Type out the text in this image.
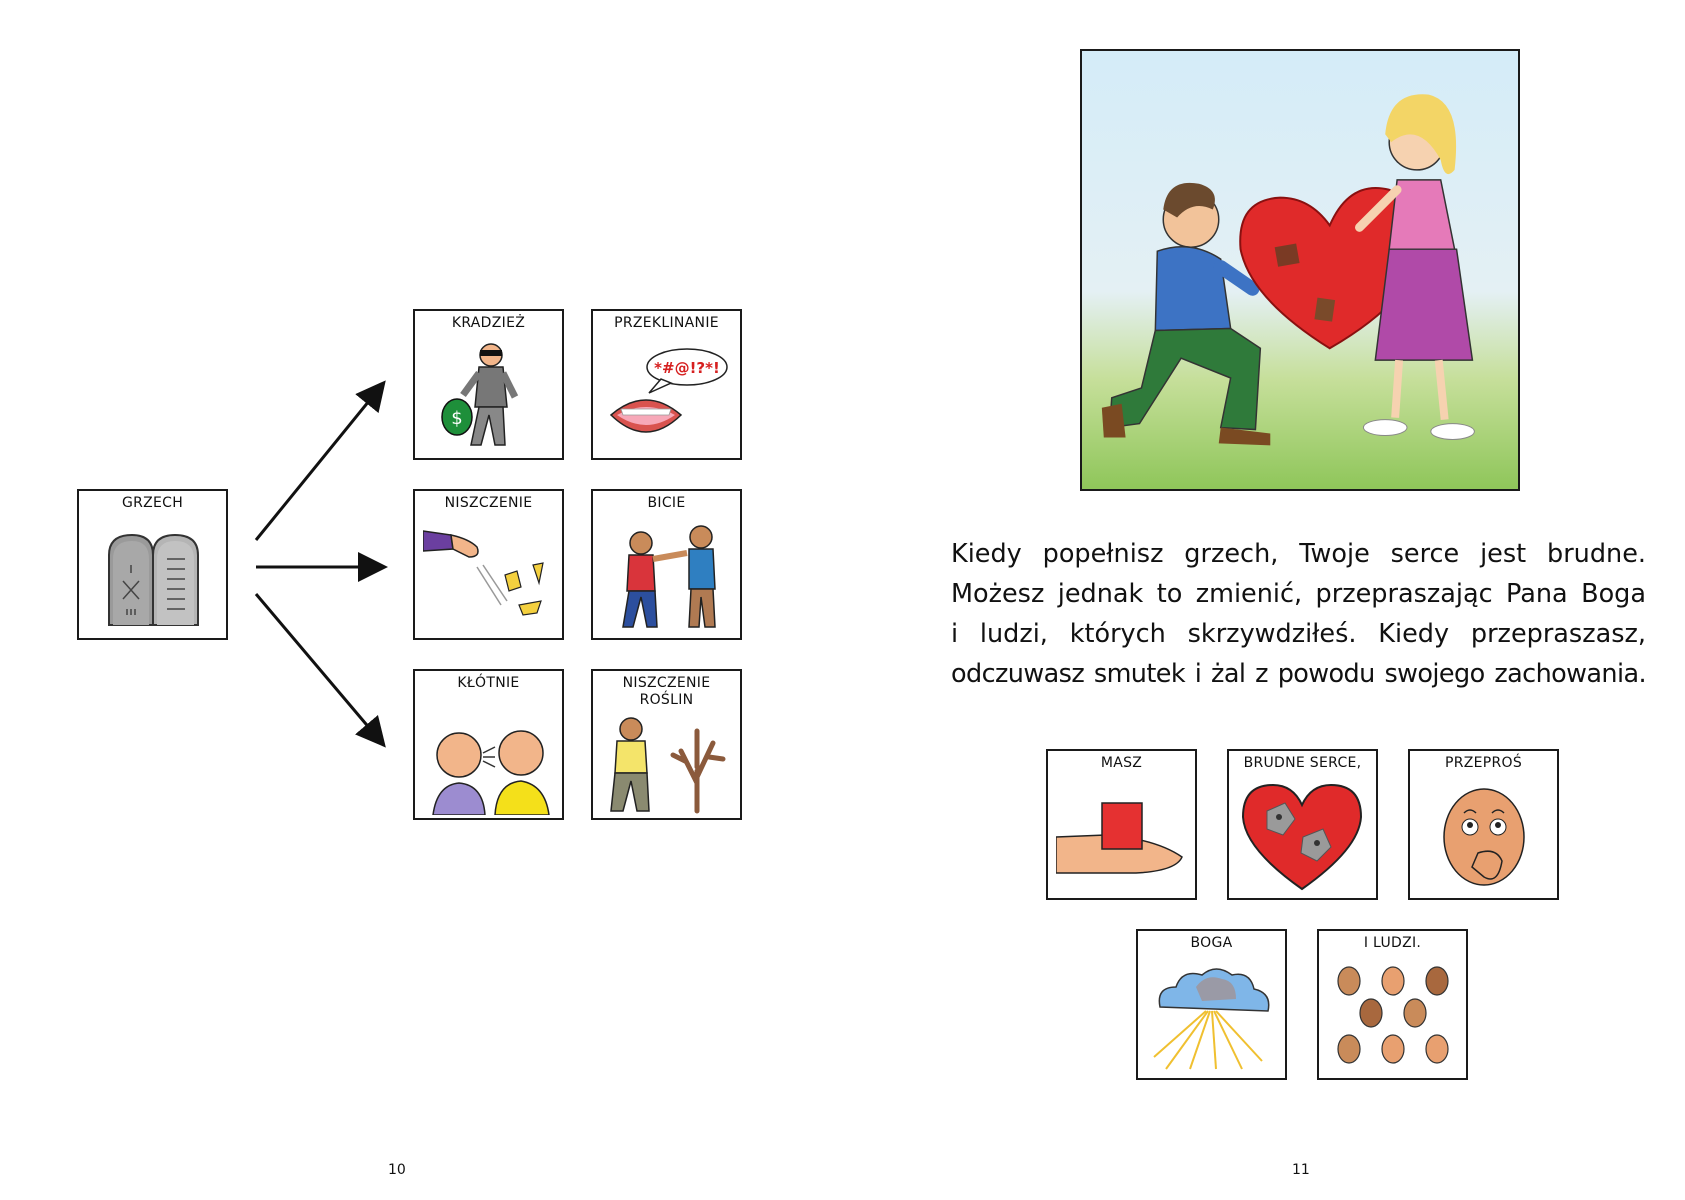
GRZECH
KRADZIEŻ
$
PRZEKLINANIE
*#@!?*!
NISZCZENIE	BICIE
KŁÓTNIE	NISZCZENIE
ROŚLIN
10
Kiedy popełnisz grzech, Twoje serce jest brudne.
Możesz jednak to zmienić, przepraszając Pana Boga
i ludzi, których skrzywdziłeś. Kiedy przepraszasz,
odczuwasz smutek i żal z powodu swojego zachowania.
MASZ	BRUDNE SERCE,	PRZEPROŚ
BOGA	I LUDZI.
11
